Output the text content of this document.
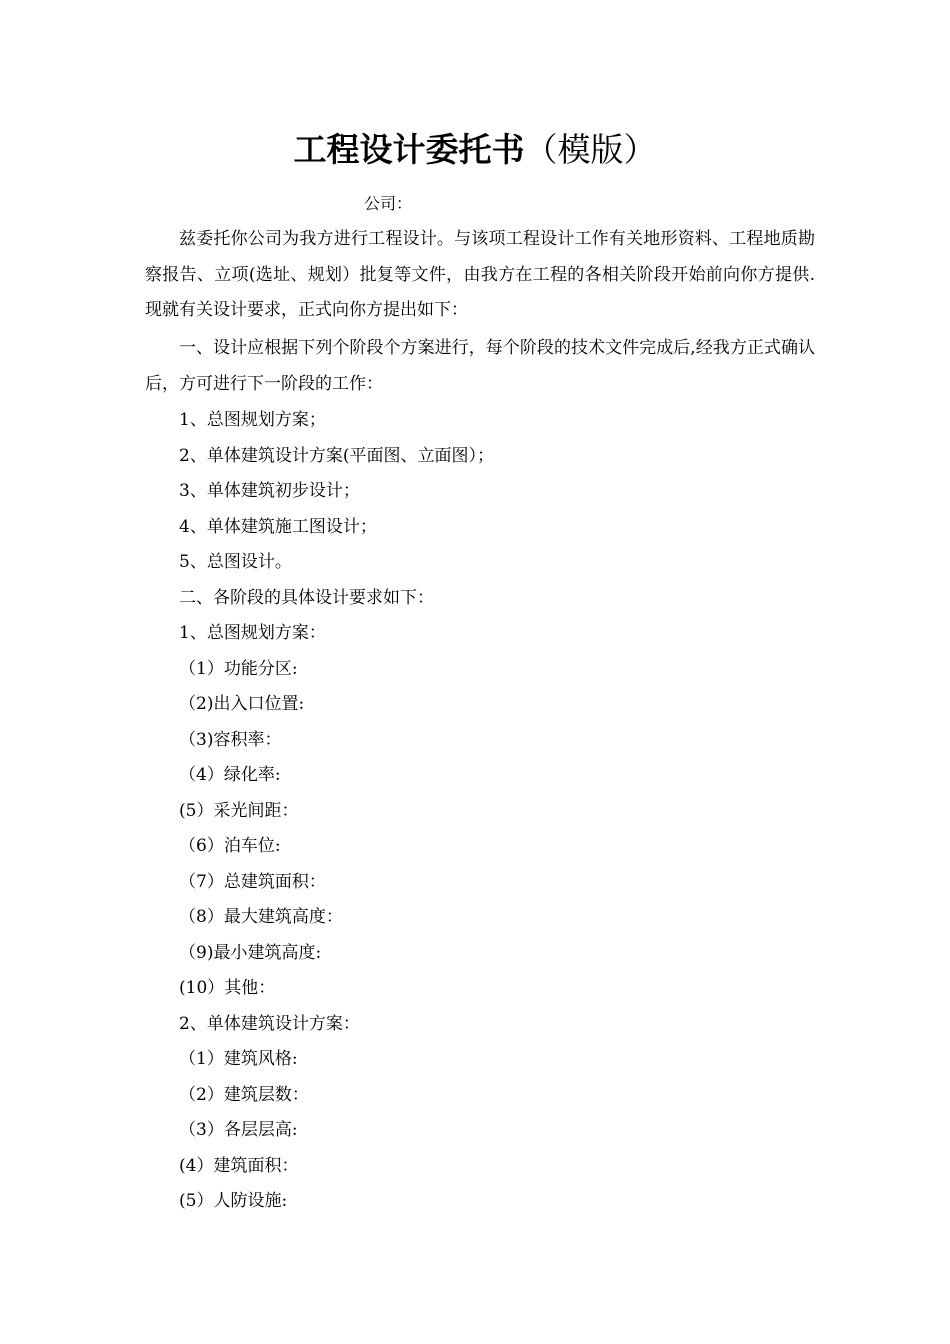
工程设计委托书（模版）
公司：
兹委托你公司为我方进行工程设计。与该项工程设计工作有关地形资料、工程地质勘察报告、立项(选址、规划）批复等文件，由我方在工程的各相关阶段开始前向你方提供.现就有关设计要求，正式向你方提出如下：
一、设计应根据下列个阶段个方案进行，每个阶段的技术文件完成后,经我方正式确认后，方可进行下一阶段的工作：
1、总图规划方案；
2、单体建筑设计方案(平面图、立面图）；
3、单体建筑初步设计；
4、单体建筑施工图设计；
5、总图设计。
二、各阶段的具体设计要求如下：
1、总图规划方案：
（1）功能分区:
（2)出入口位置:
（3)容积率：
（4）绿化率:
(5）采光间距：
（6）泊车位:
（7）总建筑面积：
（8）最大建筑高度：
（9)最小建筑高度:
(10）其他：
2、单体建筑设计方案：
（1）建筑风格:
（2）建筑层数：
（3）各层层高:
(4）建筑面积：
(5）人防设施:
